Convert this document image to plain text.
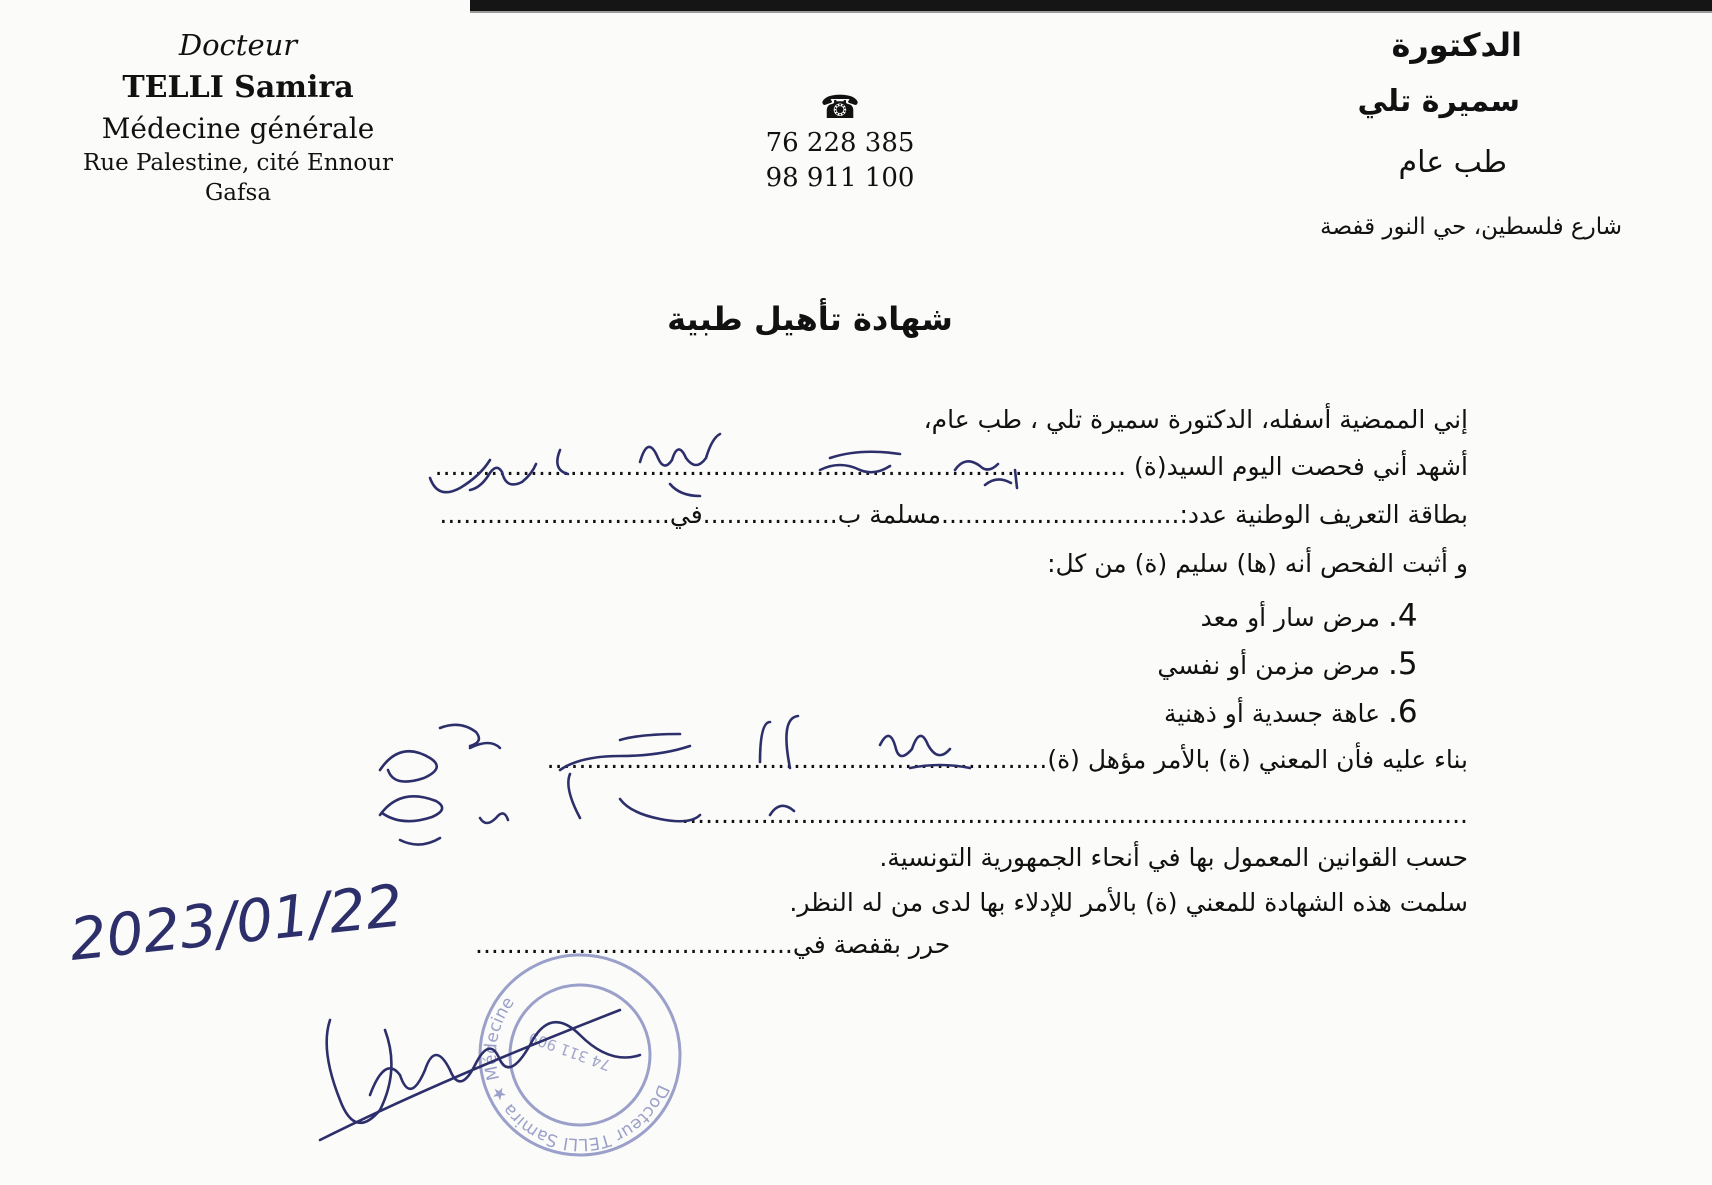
Docteur
TELLI Samira
Médecine générale
Rue Palestine, cité Ennour
Gafsa
☎
76 228 385
98 911 100
الدكتورة
سميرة تلي
طب عام
شارع فلسطين، حي النور قفصة
شهادة تأهيل طبية
إني الممضية أسفله، الدكتورة سميرة تلي ، طب عام،
أشهد أني فحصت اليوم السيد(ة) .......................................................................................
بطاقة التعريف الوطنية عدد:..............................مسلمة ب.................في.............................
و أثبت الفحص أنه (ها) سليم (ة) من كل:
4. مرض سار أو معد
5. مرض مزمن أو نفسي
6. عاهة جسدية أو ذهنية
بناء عليه فأن المعني (ة) بالأمر مؤهل (ة)...............................................................
...................................................................................................
حسب القوانين المعمول بها في أنحاء الجمهورية التونسية.
سلمت هذه الشهادة للمعني (ة) بالأمر للإدلاء بها لدى من له النظر.
حرر بقفصة في........................................
2023/01/22
Docteur TELLI Samira ★ Médecine
74 311 909
